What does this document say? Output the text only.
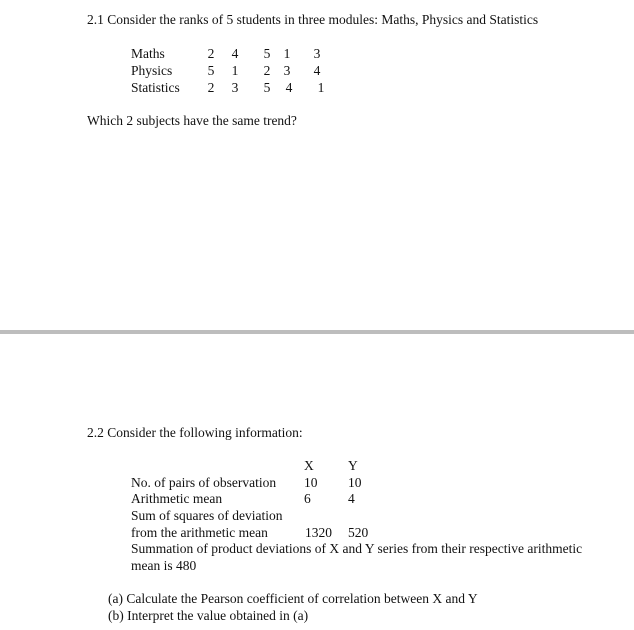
2.1 Consider the ranks of 5 students in three modules: Maths, Physics and Statistics
Maths	2 4 5 1 3
Physics	5 1 2 3 4
Statistics 2 3 5 4 1
Which 2 subjects have the same trend?
2.2 Consider the following information:
X	Y
No. of pairs of observation 10 10
Arithmetic mean	6	4
Sum of squares of deviation
from the arithmetic mean	1320 520
Summation of product deviations of X and Y series from their respective arithmetic
mean is 480
(a) Calculate the Pearson coefficient of correlation between X and Y
(b) Interpret the value obtained in (a)
